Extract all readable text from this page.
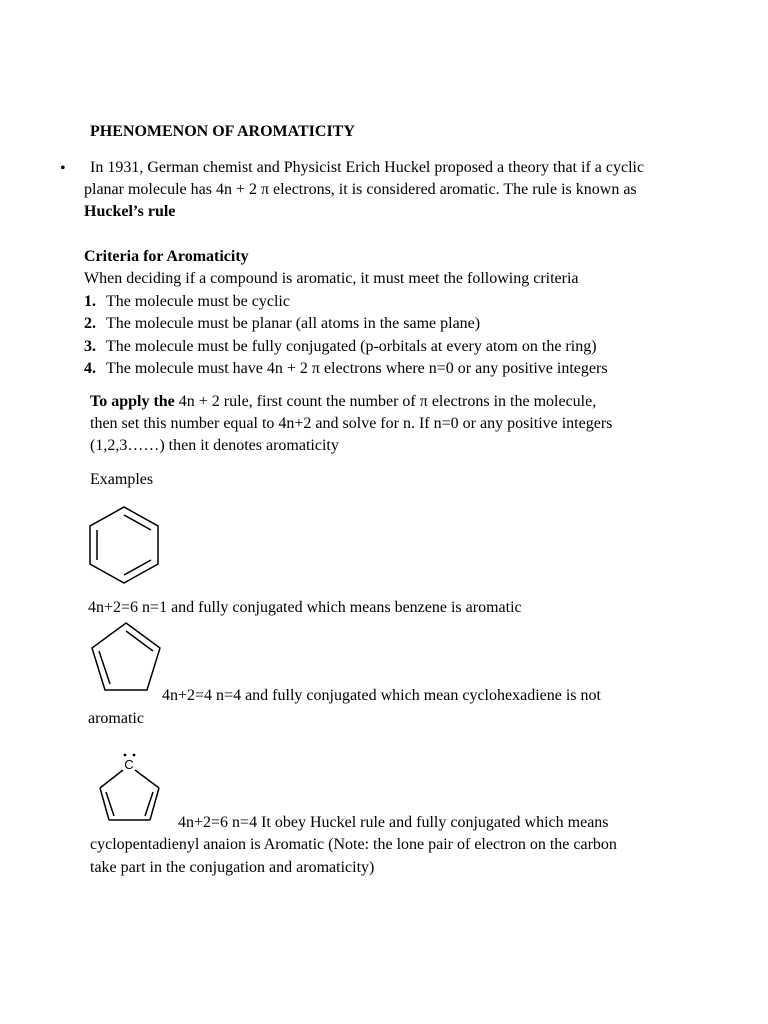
PHENOMENON OF AROMATICITY
• In 1931, German chemist and Physicist Erich Huckel proposed a theory that if a cyclic
planar molecule has 4n + 2 π electrons, it is considered aromatic. The rule is known as
Huckel’s rule
Criteria for Aromaticity
When deciding if a compound is aromatic, it must meet the following criteria
1. The molecule must be cyclic
2. The molecule must be planar (all atoms in the same plane)
3. The molecule must be fully conjugated (p-orbitals at every atom on the ring)
4. The molecule must have 4n + 2 π electrons where n=0 or any positive integers
To apply the 4n + 2 rule, first count the number of π electrons in the molecule,
then set this number equal to 4n+2 and solve for n. If n=0 or any positive integers
(1,2,3……) then it denotes aromaticity
Examples
4n+2=6 n=1 and fully conjugated which means benzene is aromatic
4n+2=4 n=4 and fully conjugated which mean cyclohexadiene is not
aromatic
C
4n+2=6 n=4 It obey Huckel rule and fully conjugated which means
cyclopentadienyl anaion is Aromatic (Note: the lone pair of electron on the carbon
take part in the conjugation and aromaticity)
